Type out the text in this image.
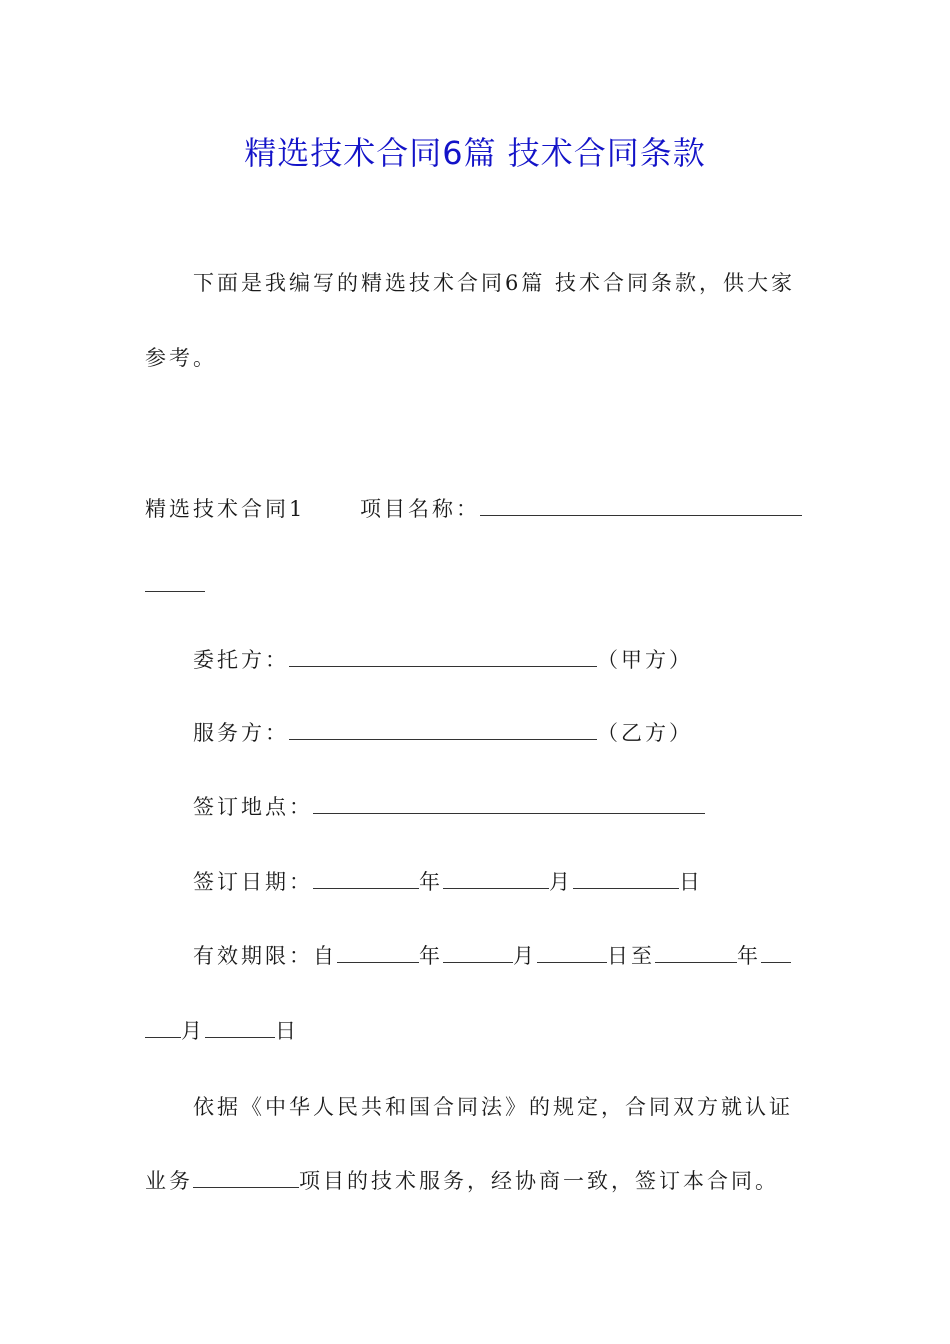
精选技术合同6篇 技术合同条款
下面是我编写的精选技术合同6篇 技术合同条款，供大家
参考。
精选技术合同1	项目名称：
委托方：	（甲方）
服务方：	（乙方）
签订地点：
签订日期：	年	月	日
有效期限：自	年	月	日至	年
月	日
依据《中华人民共和国合同法》的规定，合同双方就认证
业务	项目的技术服务，经协商一致，签订本合同。
